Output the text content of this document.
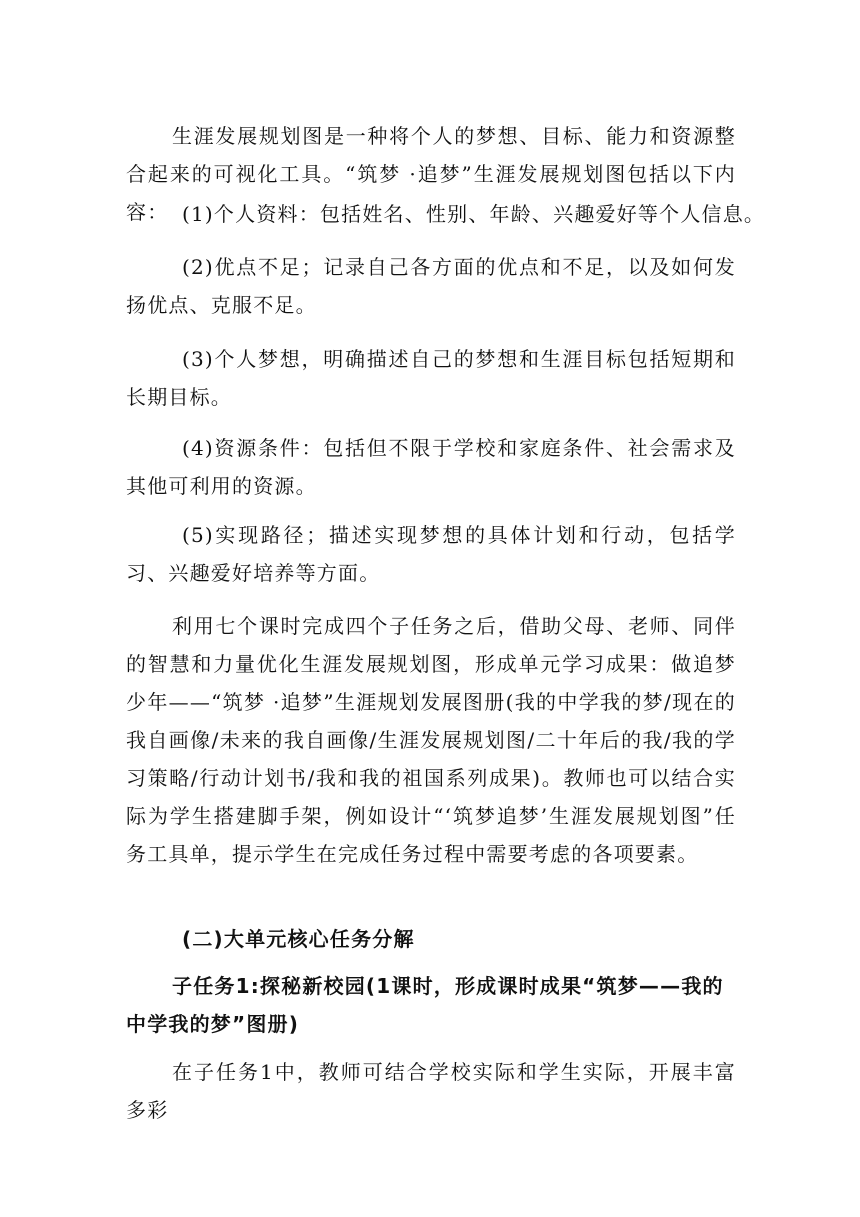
生涯发展规划图是一种将个人的梦想、目标、能力和资源整合起来的可视化工具。“筑梦 ·追梦”生涯发展规划图包括以下内容： (1)个人资料：包括姓名、性别、年龄、兴趣爱好等个人信息。

(2)优点不足；记录自己各方面的优点和不足，以及如何发扬优点、克服不足。

(3)个人梦想，明确描述自己的梦想和生涯目标包括短期和长期目标。

(4)资源条件：包括但不限于学校和家庭条件、社会需求及其他可利用的资源。

(5)实现路径；描述实现梦想的具体计划和行动，包括学习、兴趣爱好培养等方面。

利用七个课时完成四个子任务之后，借助父母、老师、同伴的智慧和力量优化生涯发展规划图，形成单元学习成果：做追梦少年——“筑梦 ·追梦”生涯规划发展图册(我的中学我的梦/现在的我自画像/未来的我自画像/生涯发展规划图/二十年后的我/我的学习策略/行动计划书/我和我的祖国系列成果)。教师也可以结合实际为学生搭建脚手架，例如设计“‘筑梦追梦’生涯发展规划图”任务工具单，提示学生在完成任务过程中需要考虑的各项要素。

(二)大单元核心任务分解
子任务1:探秘新校园(1课时，形成课时成果“筑梦——我的中学我的梦”图册)

在子任务1中，教师可结合学校实际和学生实际，开展丰富多彩
